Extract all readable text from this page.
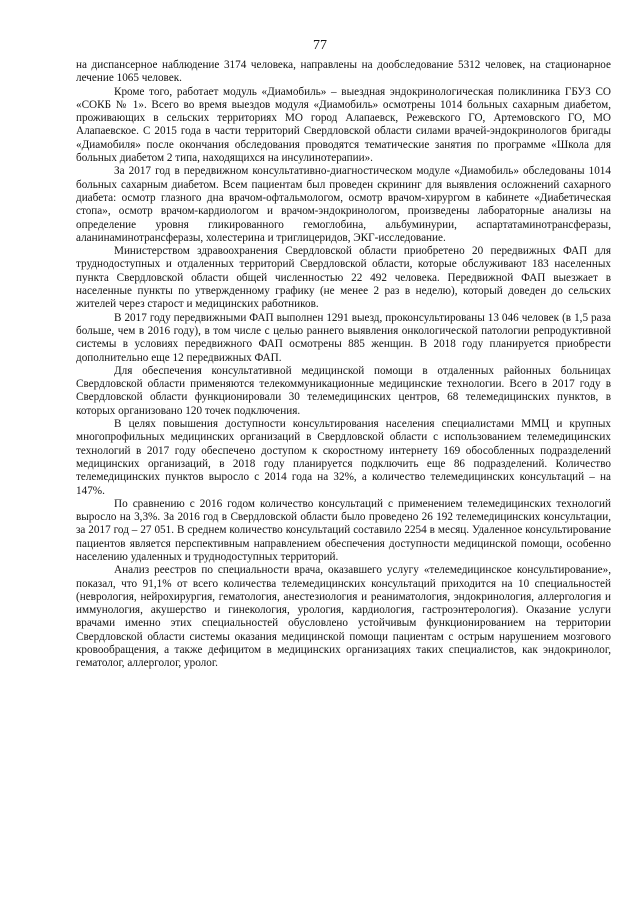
77

на диспансерное наблюдение 3174 человека, направлены на дообследование 5312 человек, на стационарное лечение 1065 человек.

Кроме того, работает модуль «Диамобиль» – выездная эндокринологическая поликлиника ГБУЗ СО «СОКБ № 1». Всего во время выездов модуля «Диамобиль» осмотрены 1014 больных сахарным диабетом, проживающих в сельских территориях МО город Алапаевск, Режевского ГО, Артемовского ГО, МО Алапаевское. С 2015 года в части территорий Свердловской области силами врачей-эндокринологов бригады «Диамобиля» после окончания обследования проводятся тематические занятия по программе «Школа для больных диабетом 2 типа, находящихся на инсулинотерапии».

За 2017 год в передвижном консультативно-диагностическом модуле «Диамобиль» обследованы 1014 больных сахарным диабетом. Всем пациентам был проведен скрининг для выявления осложнений сахарного диабета: осмотр глазного дна врачом-офтальмологом, осмотр врачом-хирургом в кабинете «Диабетическая стопа», осмотр врачом-кардиологом и врачом-эндокринологом, произведены лабораторные анализы на определение уровня гликированного гемоглобина, альбуминурии, аспартатаминотрансферазы, аланинаминотрансферазы, холестерина и триглицеридов, ЭКГ-исследование.

Министерством здравоохранения Свердловской области приобретено 20 передвижных ФАП для труднодоступных и отдаленных территорий Свердловской области, которые обслуживают 183 населенных пункта Свердловской области общей численностью 22 492 человека. Передвижной ФАП выезжает в населенные пункты по утвержденному графику (не менее 2 раз в неделю), который доведен до сельских жителей через старост и медицинских работников.

В 2017 году передвижными ФАП выполнен 1291 выезд, проконсультированы 13 046 человек (в 1,5 раза больше, чем в 2016 году), в том числе с целью раннего выявления онкологической патологии репродуктивной системы в условиях передвижного ФАП осмотрены 885 женщин. В 2018 году планируется приобрести дополнительно еще 12 передвижных ФАП.

Для обеспечения консультативной медицинской помощи в отдаленных районных больницах Свердловской области применяются телекоммуникационные медицинские технологии. Всего в 2017 году в Свердловской области функционировали 30 телемедицинских центров, 68 телемедицинских пунктов, в которых организовано 120 точек подключения.

В целях повышения доступности консультирования населения специалистами ММЦ и крупных многопрофильных медицинских организаций в Свердловской области с использованием телемедицинских технологий в 2017 году обеспечено доступом к скоростному интернету 169 обособленных подразделений медицинских организаций, в 2018 году планируется подключить еще 86 подразделений. Количество телемедицинских пунктов выросло с 2014 года на 32%, а количество телемедицинских консультаций – на 147%.

По сравнению с 2016 годом количество консультаций с применением телемедицинских технологий выросло на 3,3%. За 2016 год в Свердловской области было проведено 26 192 телемедицинских консультации, за 2017 год – 27 051. В среднем количество консультаций составило 2254 в месяц. Удаленное консультирование пациентов является перспективным направлением обеспечения доступности медицинской помощи, особенно населению удаленных и труднодоступных территорий.

Анализ реестров по специальности врача, оказавшего услугу «телемедицинское консультирование», показал, что 91,1% от всего количества телемедицинских консультаций приходится на 10 специальностей (неврология, нейрохирургия, гематология, анестезиология и реаниматология, эндокринология, аллергология и иммунология, акушерство и гинекология, урология, кардиология, гастроэнтерология). Оказание услуги врачами именно этих специальностей обусловлено устойчивым функционированием на территории Свердловской области системы оказания медицинской помощи пациентам с острым нарушением мозгового кровообращения, а также дефицитом в медицинских организациях таких специалистов, как эндокринолог, гематолог, аллерголог, уролог.
